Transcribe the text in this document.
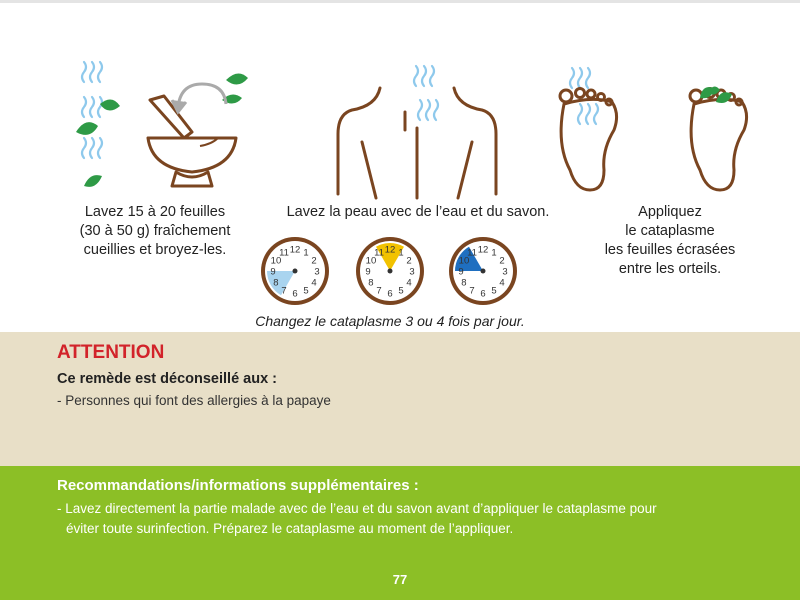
Lavez 15 à 20 feuilles
(30 à 50 g) fraîchement
cueillies et broyez-les.
Lavez la peau avec de l’eau et du savon.	Appliquez
le cataplasme
les feuilles écrasées
entre les orteils.
12 1
2
3
4
5
6
7
8
9
10
11	12 1
2
3
4
5
6
7
8
9
10
11	12 1
2
3
4
5
6
7
8
9
10
11
Changez le cataplasme 3 ou 4 fois par jour.
ATTENTION
Ce remède est déconseillé aux :
- Personnes qui font des allergies à la papaye
Recommandations/informations supplémentaires :
- Lavez directement la partie malade avec de l’eau et du savon avant d’appliquer le cataplasme pour
éviter toute surinfection. Préparez le cataplasme au moment de l’appliquer.
77
